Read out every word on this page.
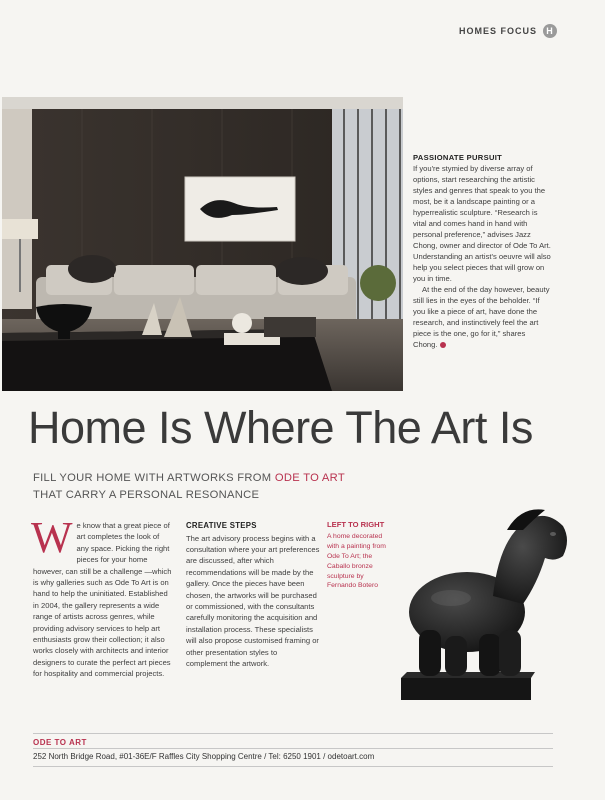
HOMES FOCUS	H
PASSIONATE PURSUIT

If you're stymied by diverse array of options, start researching the artistic styles and genres that speak to you the most, be it a landscape painting or a hyperrealistic sculpture. “Research is vital and comes hand in hand with personal preference,” advises Jazz Chong, owner and director of Ode To Art. Understanding an artist's oeuvre will also help you select pieces that will grow on you in time.

At the end of the day however, beauty still lies in the eyes of the beholder. “If you like a piece of art, have done the research, and instinctively feel the art piece is the one, go for it,” shares Chong.

Home Is Where The Art Is
FILL YOUR HOME WITH ARTWORKS FROM ODE TO ART
THAT CARRY A PERSONAL RESONANCE
W e know that a great piece of art completes the look of any space. Picking the right pieces for your home however, can still be a challenge —which is why galleries such as Ode To Art is on hand to help the uninitiated. Established in 2004, the gallery represents a wide range of artists across genres, while providing advisory services to help art enthusiasts grow their collection; it also works closely with architects and interior designers to curate the perfect art pieces for hospitality and commercial projects.
CREATIVE STEPS
The art advisory process begins with a consultation where your art preferences are discussed, after which recommendations will be made by the gallery. Once the pieces have been chosen, the artworks will be purchased or commissioned, with the consultants carefully monitoring the acquisition and installation process. These specialists will also propose customised framing or other presentation styles to complement the artwork.
LEFT TO RIGHT
A home decorated with a painting from Ode To Art; the Caballo bronze sculpture by Fernando Botero
ODE TO ART
252 North Bridge Road, #01-36E/F Raffles City Shopping Centre / Tel: 6250 1901 / odetoart.com
